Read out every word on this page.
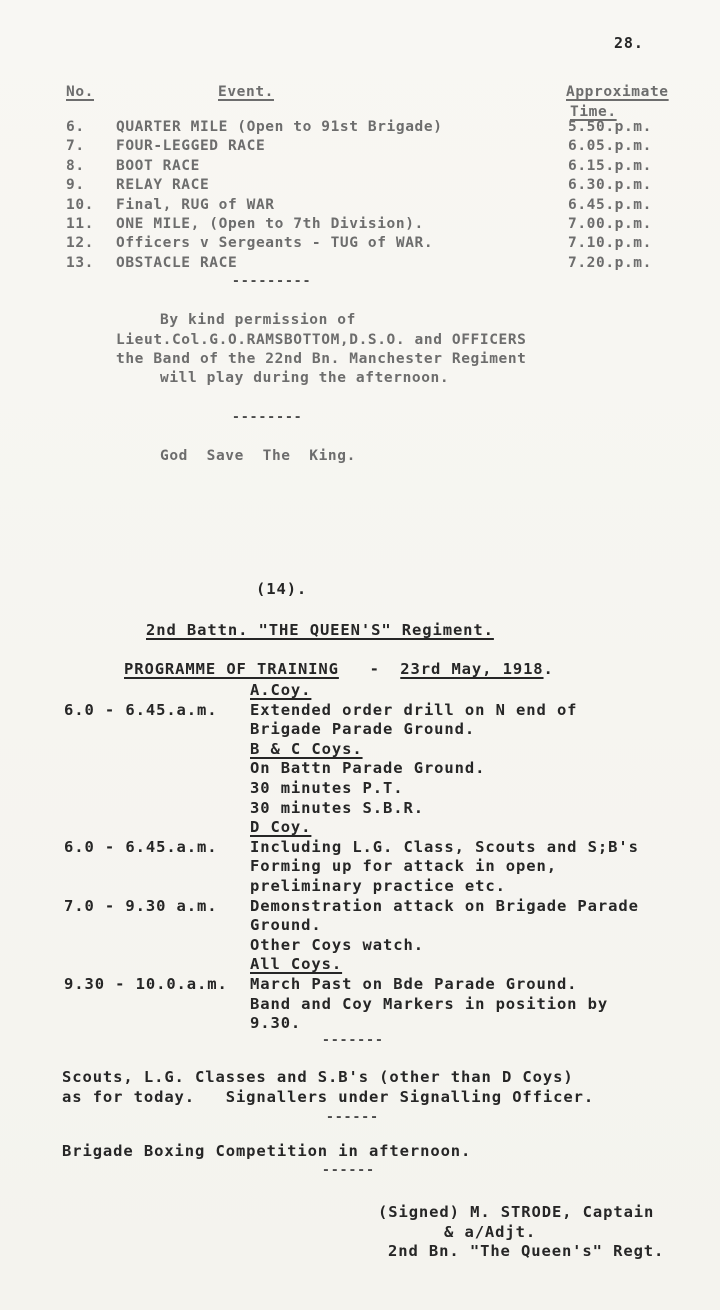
28.
No.	Event.	Approximate
Time.
6. QUARTER MILE (Open to 91st Brigade)	5.50.p.m.
7. FOUR-LEGGED RACE	6.05.p.m.
8. BOOT RACE	6.15.p.m.
9. RELAY RACE	6.30.p.m.
10. Final, RUG of WAR	6.45.p.m.
11. ONE MILE, (Open to 7th Division).	7.00.p.m.
12. Officers v Sergeants - TUG of WAR.	7.10.p.m.
13. OBSTACLE RACE	7.20.p.m.
---------
By kind permission of
Lieut.Col.G.O.RAMSBOTTOM,D.S.O. and OFFICERS
the Band of the 22nd Bn. Manchester Regiment
will play during the afternoon.
--------
God  Save  The  King.
(14).
2nd Battn. "THE QUEEN'S" Regiment.
PROGRAMME OF TRAINING - 23rd May, 1918.
A.Coy.
6.0 - 6.45.a.m. Extended order drill on N end of
Brigade Parade Ground.
B & C Coys.
On Battn Parade Ground.
30 minutes P.T.
30 minutes S.B.R.
D Coy.
6.0 - 6.45.a.m. Including L.G. Class, Scouts and S;B's
Forming up for attack in open,
preliminary practice etc.
7.0 - 9.30 a.m. Demonstration attack on Brigade Parade
Ground.
Other Coys watch.
All Coys.
9.30 - 10.0.a.m. March Past on Bde Parade Ground.
Band and Coy Markers in position by
9.30.
-------
Scouts, L.G. Classes and S.B's (other than D Coys)
as for today.   Signallers under Signalling Officer.
------
Brigade Boxing Competition in afternoon.
------
(Signed) M. STRODE, Captain
& a/Adjt.
2nd Bn. "The Queen's" Regt.
